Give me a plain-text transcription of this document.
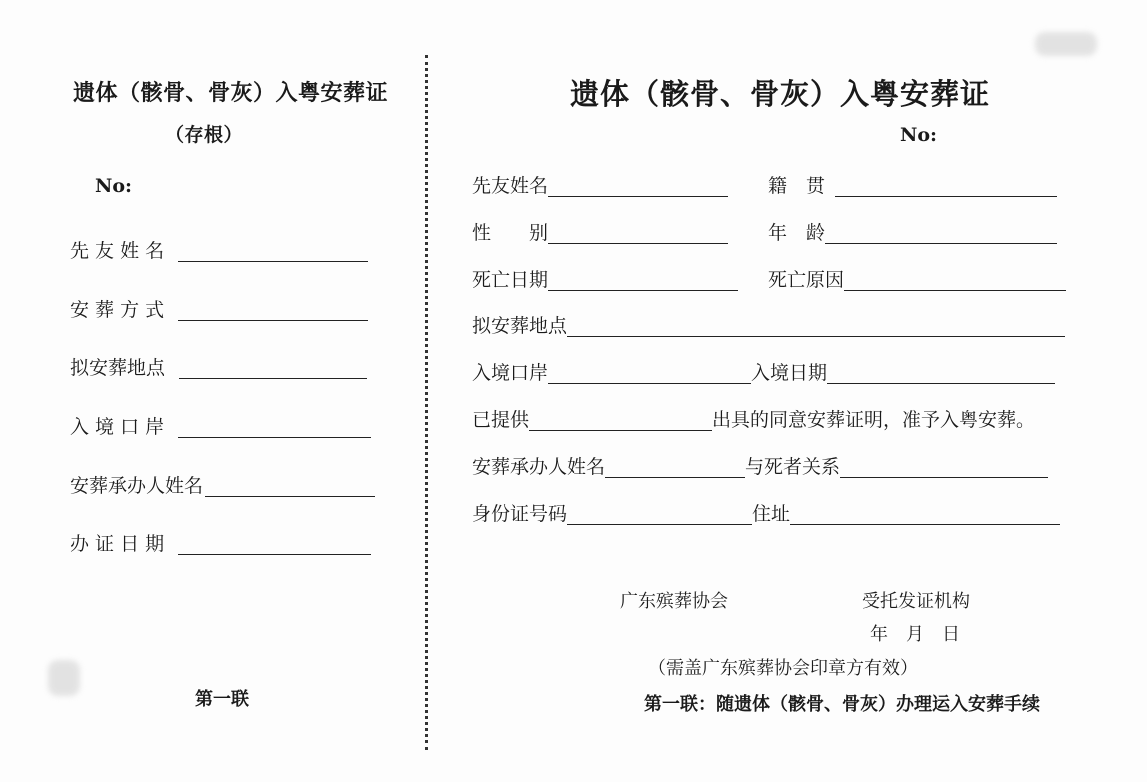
遗体（骸骨、骨灰）入粤安葬证
（存根）
No:
先 友 姓 名
安 葬 方 式
拟安葬地点
入 境 口 岸
安葬承办人姓名
办 证 日 期
第一联
遗体（骸骨、骨灰）入粤安葬证
No:
先友姓名	籍　贯
性　　别	年　龄
死亡日期	死亡原因
拟安葬地点
入境口岸	入境日期
已提供	出具的同意安葬证明，准予入粤安葬。
安葬承办人姓名	与死者关系
身份证号码	住址
广东殡葬协会	受托发证机构
年　月　日
（需盖广东殡葬协会印章方有效）
第一联：随遗体（骸骨、骨灰）办理运入安葬手续
